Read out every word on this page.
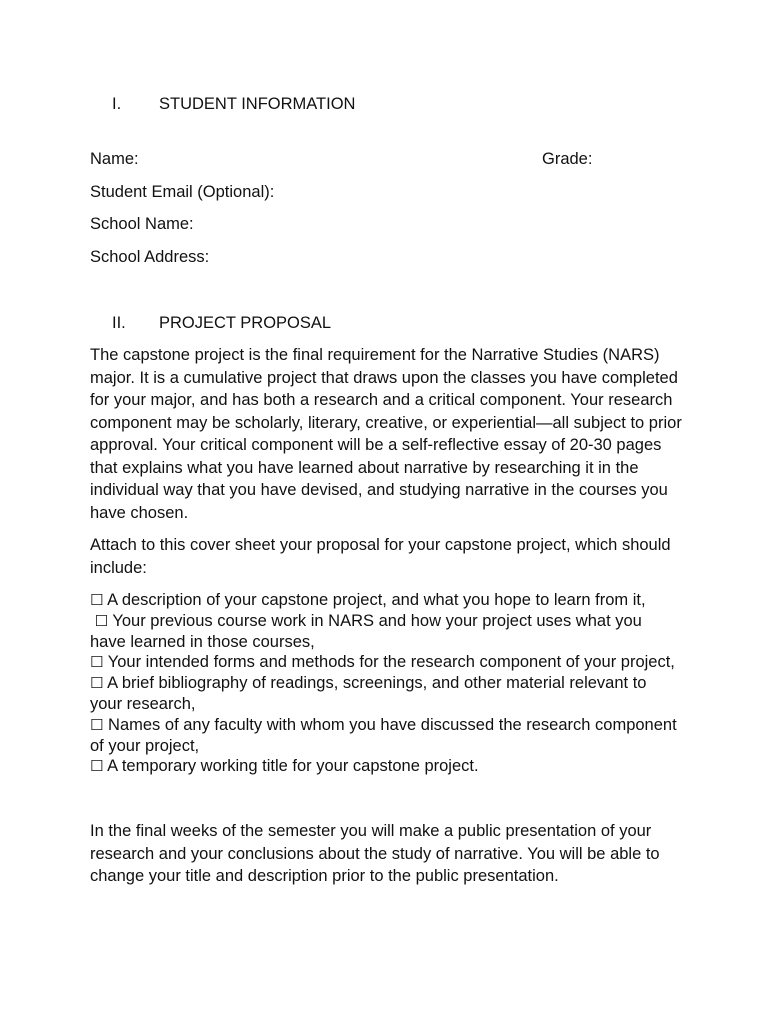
I. STUDENT INFORMATION
Name:	Grade:
Student Email (Optional):
School Name:
School Address:
II. PROJECT PROPOSAL

The capstone project is the final requirement for the Narrative Studies (NARS) major. It is a cumulative project that draws upon the classes you have completed for your major, and has both a research and a critical component. Your research component may be scholarly, literary, creative, or experiential—all subject to prior approval. Your critical component will be a self-reflective essay of 20-30 pages that explains what you have learned about narrative by researching it in the individual way that you have devised, and studying narrative in the courses you have chosen.

Attach to this cover sheet your proposal for your capstone project, which should include:

☐ A description of your capstone project, and what you hope to learn from it,
☐ Your previous course work in NARS and how your project uses what you have learned in those courses,
☐ Your intended forms and methods for the research component of your project,
☐ A brief bibliography of readings, screenings, and other material relevant to your research,
☐ Names of any faculty with whom you have discussed the research component of your project,
☐ A temporary working title for your capstone project.

In the final weeks of the semester you will make a public presentation of your research and your conclusions about the study of narrative. You will be able to change your title and description prior to the public presentation.
